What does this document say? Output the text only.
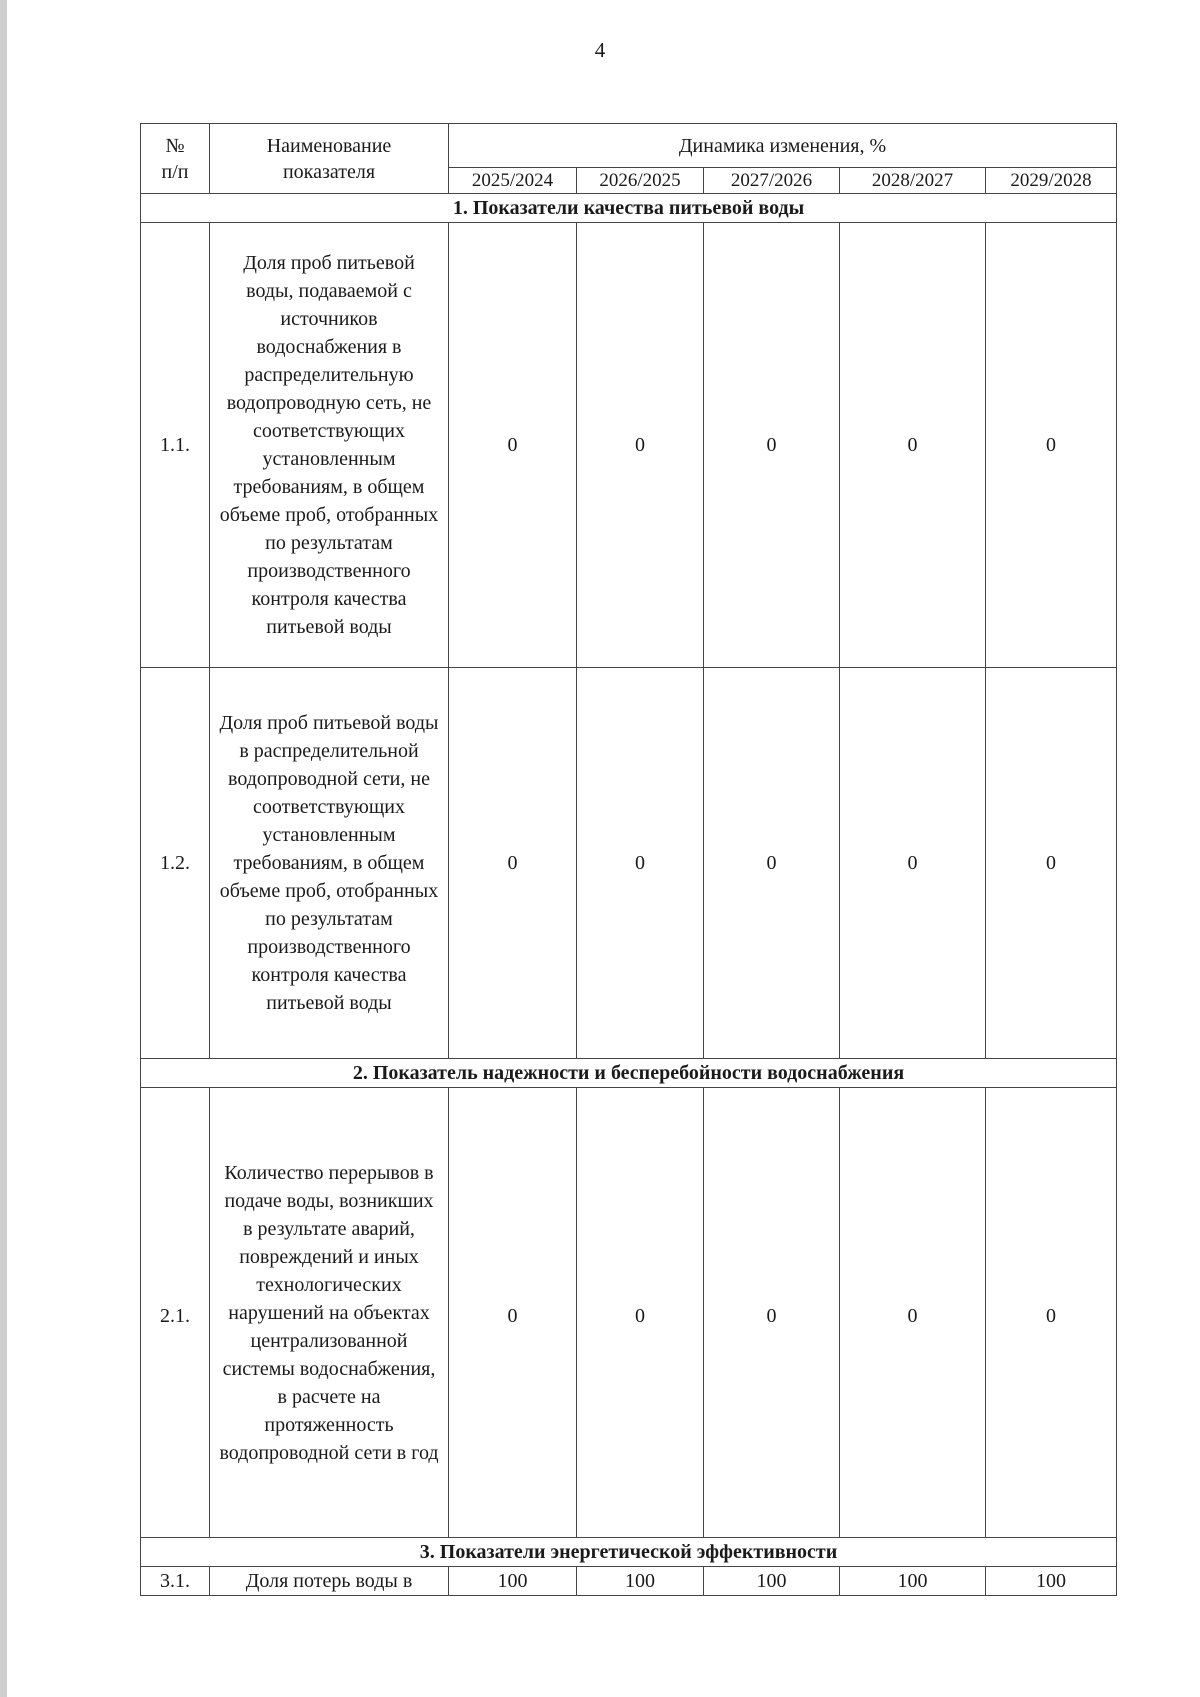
4
№ п/п	Наименование показателя	Динамика изменения, %				
		2025/2024	2026/2025	2027/2026	2028/2027	2029/2028
1. Показатели качества питьевой воды						
1.1.	Доля проб питьевой воды, подаваемой с источников водоснабжения в распределительную водопроводную сеть, не соответствующих установленным требованиям, в общем объеме проб, отобранных по результатам производственного контроля качества питьевой воды	0	0	0	0	0
1.2.	Доля проб питьевой воды в распределительной водопроводной сети, не соответствующих установленным требованиям, в общем объеме проб, отобранных по результатам производственного контроля качества питьевой воды	0	0	0	0	0
2. Показатель надежности и бесперебойности водоснабжения						
2.1.	Количество перерывов в подаче воды, возникших в результате аварий, повреждений и иных технологических нарушений на объектах централизованной системы водоснабжения, в расчете на протяженность водопроводной сети в год	0	0	0	0	0
3. Показатели энергетической эффективности						
3.1.	Доля потерь воды в	100	100	100	100	100
